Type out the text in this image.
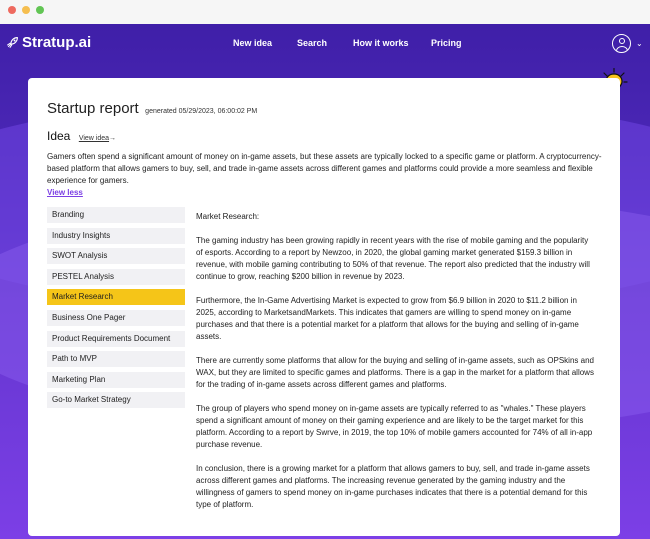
Stratup.ai	New idea	Search	How it works Pricing	⌄
Startup report generated 05/29/2023, 06:00:02 PM
Idea View idea→

Gamers often spend a significant amount of money on in-game assets, but these assets are typically locked to a specific game or platform. A cryptocurrency-based platform that allows gamers to buy, sell, and trade in-game assets across different games and platforms could provide a more seamless and flexible experience for gamers.

View less
Branding
Industry Insights
SWOT Analysis
PESTEL Analysis
Market Research
Business One Pager
Product Requirements Document
Path to MVP
Marketing Plan
Go-to Market Strategy

Market Research:

The gaming industry has been growing rapidly in recent years with the rise of mobile gaming and the popularity of esports. According to a report by Newzoo, in 2020, the global gaming market generated $159.3 billion in revenue, with mobile gaming contributing to 50% of that revenue. The report also predicted that the industry will continue to grow, reaching $200 billion in revenue by 2023.

Furthermore, the In-Game Advertising Market is expected to grow from $6.9 billion in 2020 to $11.2 billion in 2025, according to MarketsandMarkets. This indicates that gamers are willing to spend money on in-game purchases and that there is a potential market for a platform that allows for the buying and selling of in-game assets.

There are currently some platforms that allow for the buying and selling of in-game assets, such as OPSkins and WAX, but they are limited to specific games and platforms. There is a gap in the market for a platform that allows for the trading of in-game assets across different games and platforms.

The group of players who spend money on in-game assets are typically referred to as "whales." These players spend a significant amount of money on their gaming experience and are likely to be the target market for this platform. According to a report by Swrve, in 2019, the top 10% of mobile gamers accounted for 74% of all in-app purchase revenue.

In conclusion, there is a growing market for a platform that allows gamers to buy, sell, and trade in-game assets across different games and platforms. The increasing revenue generated by the gaming industry and the willingness of gamers to spend money on in-game purchases indicates that there is a potential demand for this type of platform.
